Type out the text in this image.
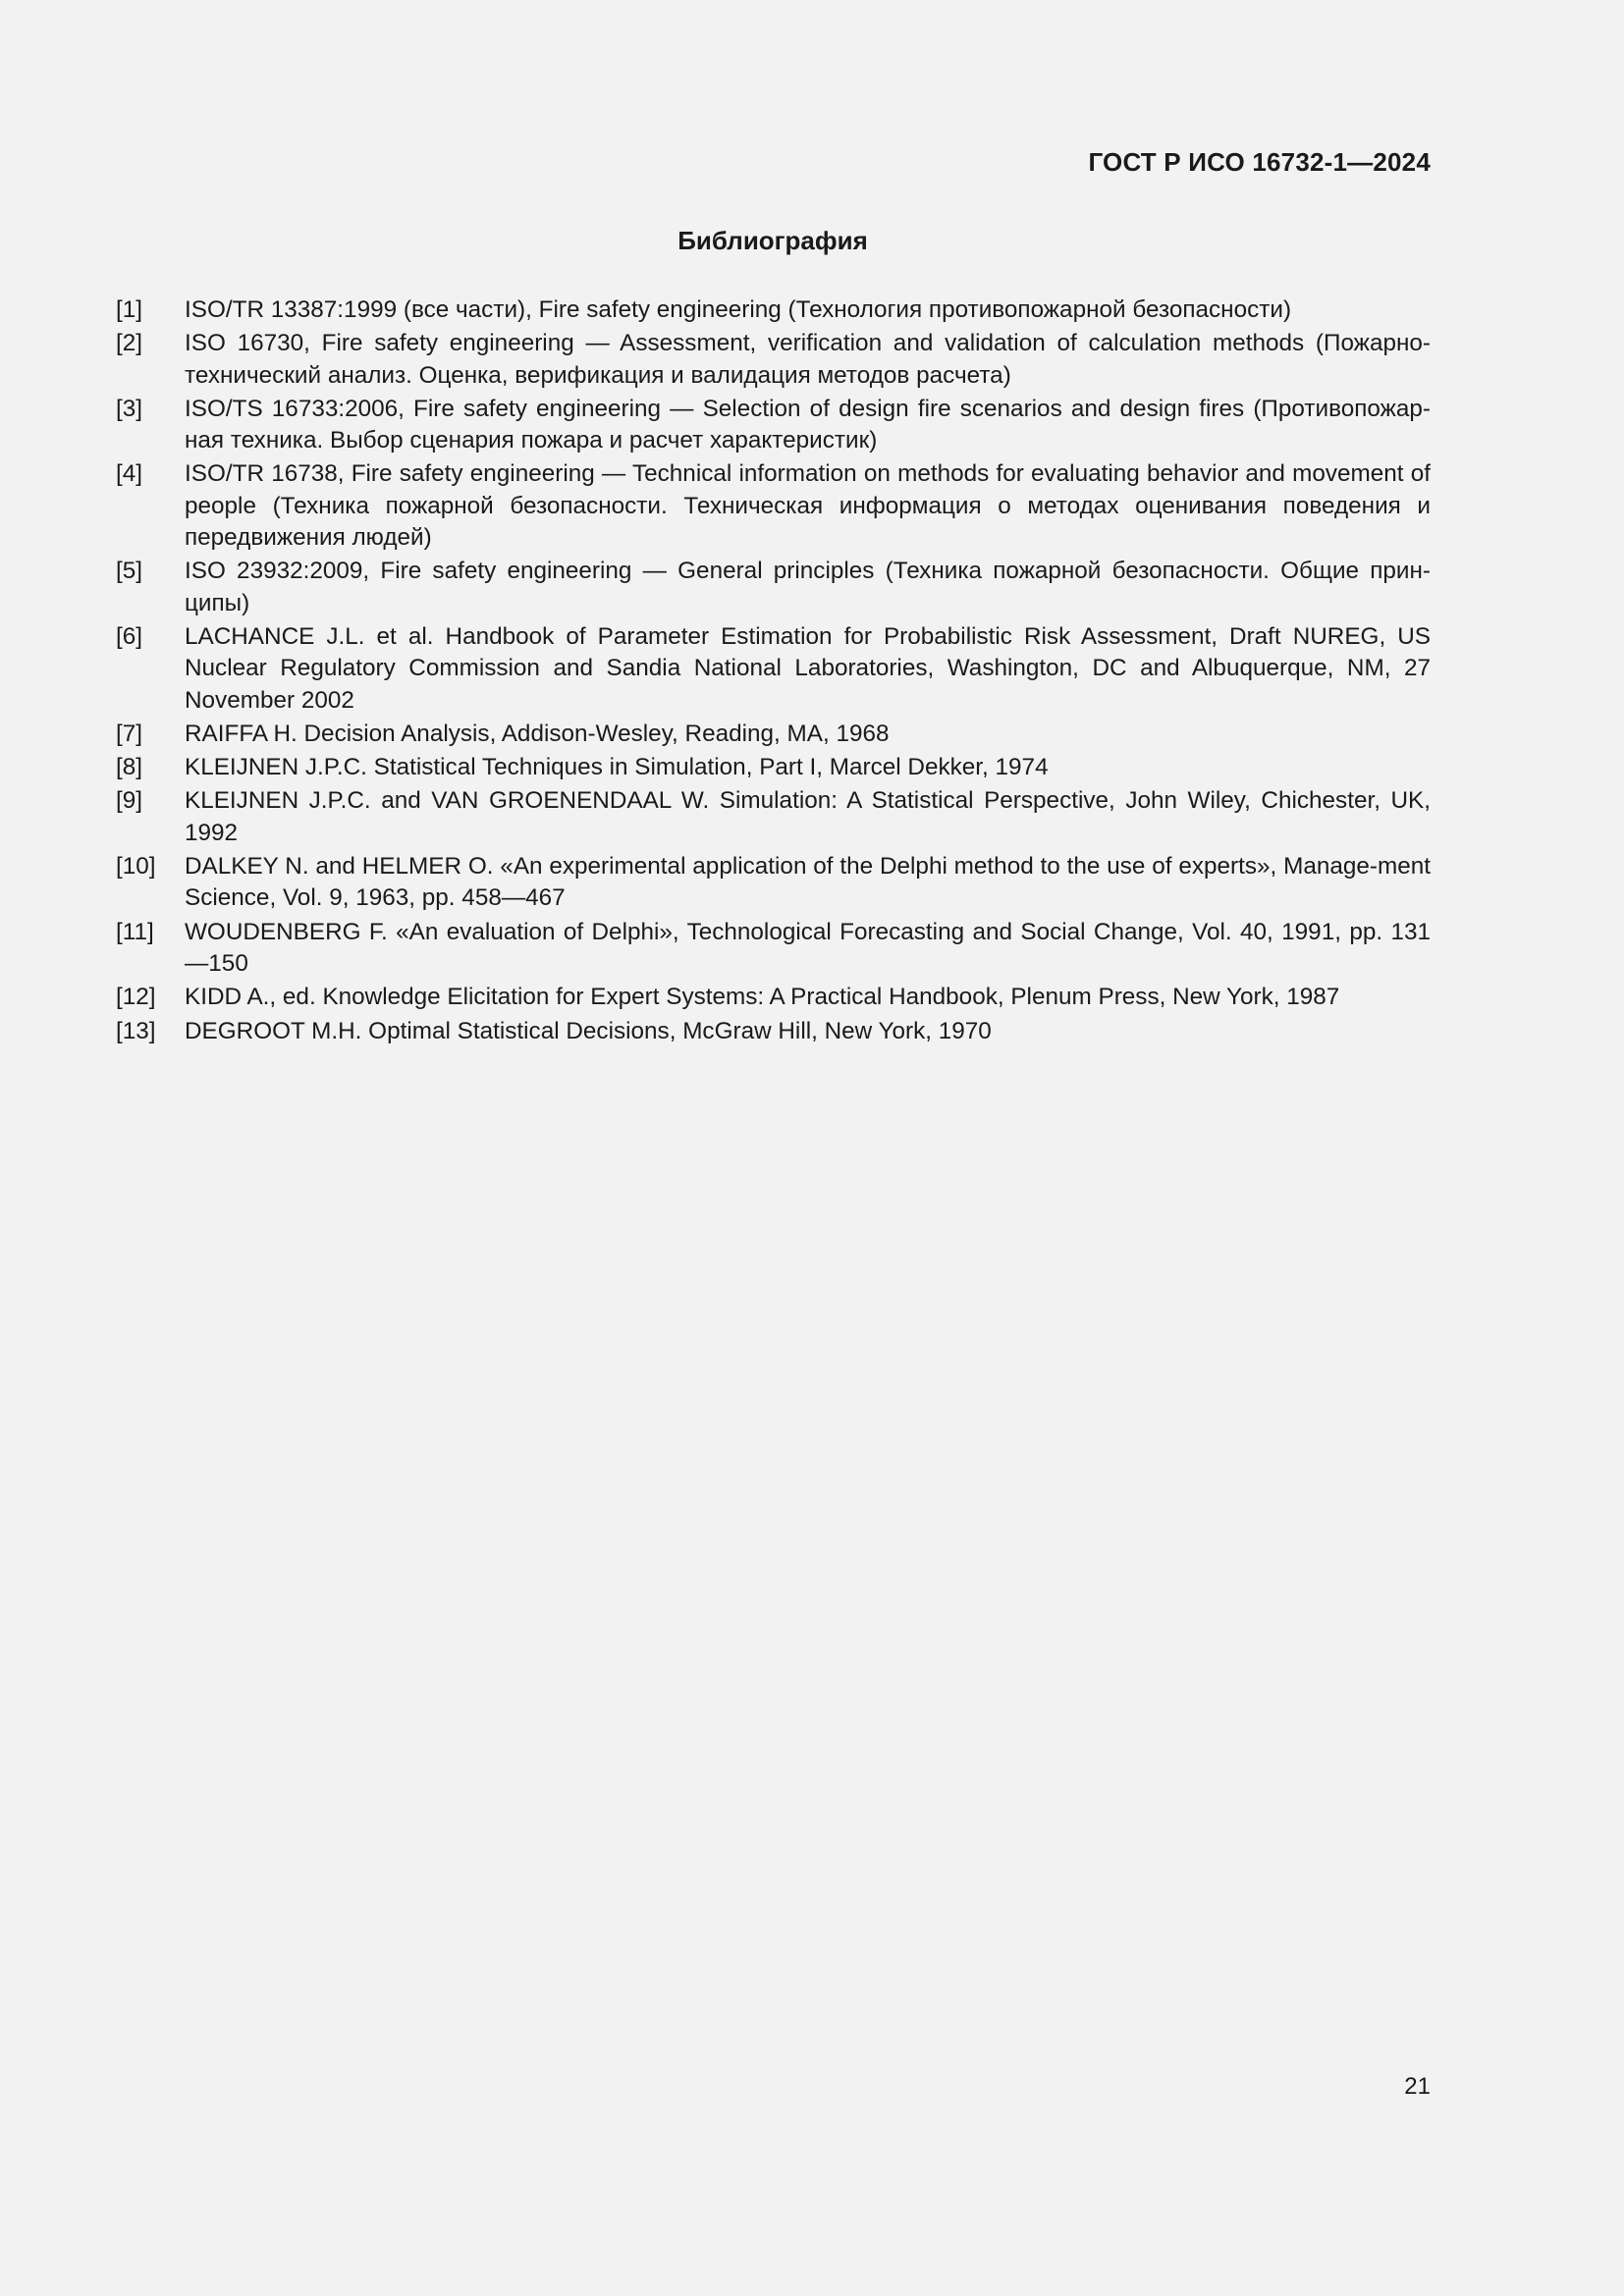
ГОСТ Р ИСО 16732-1—2024
Библиография
[1]	ISO/TR 13387:1999 (все части), Fire safety engineering (Технология противопожарной безопасности)
[2]	ISO 16730, Fire safety engineering — Assessment, verification and validation of calculation methods (Пожарно-технический анализ. Оценка, верификация и валидация методов расчета)
[3]	ISO/TS 16733:2006, Fire safety engineering — Selection of design fire scenarios and design fires (Противопожар-ная техника. Выбор сценария пожара и расчет характеристик)
[4]	ISO/TR 16738, Fire safety engineering — Technical information on methods for evaluating behavior and movement of people (Техника пожарной безопасности. Техническая информация о методах оценивания поведения и передвижения людей)
[5]	ISO 23932:2009, Fire safety engineering — General principles (Техника пожарной безопасности. Общие прин-ципы)
[6]	LACHANCE J.L. et al. Handbook of Parameter Estimation for Probabilistic Risk Assessment, Draft NUREG, US Nuclear Regulatory Commission and Sandia National Laboratories, Washington, DC and Albuquerque, NM, 27 November 2002
[7]	RAIFFA H. Decision Analysis, Addison-Wesley, Reading, MA, 1968
[8]	KLEIJNEN J.P.C. Statistical Techniques in Simulation, Part I, Marcel Dekker, 1974
[9]	KLEIJNEN J.P.C. and VAN GROENENDAAL W. Simulation: A Statistical Perspective, John Wiley, Chichester, UK, 1992
[10]	DALKEY N. and HELMER O. «An experimental application of the Delphi method to the use of experts», Manage-ment Science, Vol. 9, 1963, pp. 458—467
[11]	WOUDENBERG F. «An evaluation of Delphi», Technological Forecasting and Social Change, Vol. 40, 1991, pp. 131—150
[12]	KIDD A., ed. Knowledge Elicitation for Expert Systems: A Practical Handbook, Plenum Press, New York, 1987
[13]	DEGROOT M.H. Optimal Statistical Decisions, McGraw Hill, New York, 1970
21
